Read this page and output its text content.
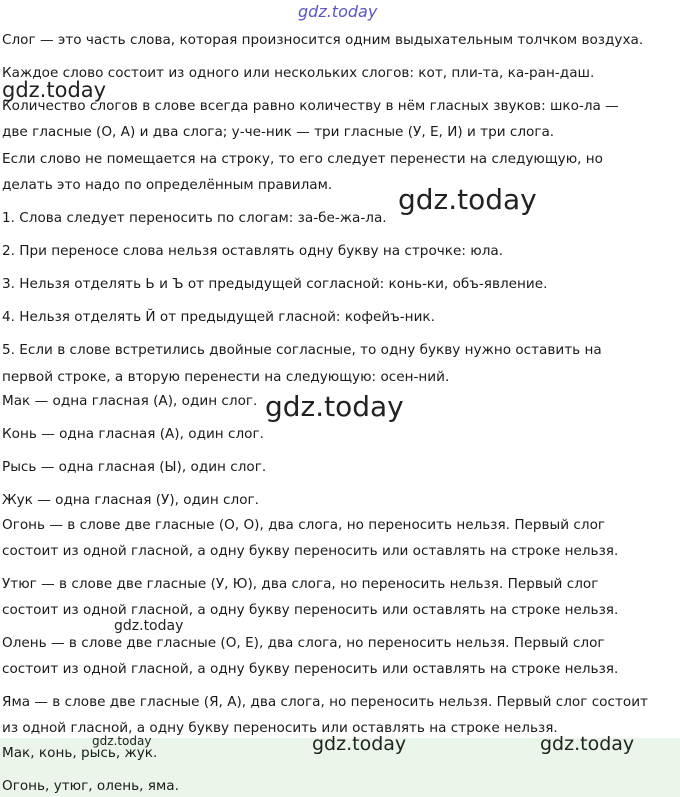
gdz.today
Слог — это часть слова, которая произносится одним выдыхательным толчком воздуха.
Каждое слово состоит из одного или нескольких слогов: кот, пли-та, ка-ран-даш.
Количество слогов в слове всегда равно количеству в нём гласных звуков: шко-ла —
две гласные (О, А) и два слога; у-че-ник — три гласные (У, Е, И) и три слога.
Если слово не помещается на строку, то его следует перенести на следующую, но
делать это надо по определённым правилам.
1. Слова следует переносить по слогам: за-бе-жа-ла.
2. При переносе слова нельзя оставлять одну букву на строчке: юла.
3. Нельзя отделять Ь и Ъ от предыдущей согласной: конь-ки, объ-явление.
4. Нельзя отделять Й от предыдущей гласной: кофейъ-ник.
5. Если в слове встретились двойные согласные, то одну букву нужно оставить на
первой строке, а вторую перенести на следующую: осен-ний.
Мак — одна гласная (А), один слог.
Конь — одна гласная (А), один слог.
Рысь — одна гласная (Ы), один слог.
Жук — одна гласная (У), один слог.
Огонь — в слове две гласные (О, О), два слога, но переносить нельзя. Первый слог
состоит из одной гласной, а одну букву переносить или оставлять на строке нельзя.
Утюг — в слове две гласные (У, Ю), два слога, но переносить нельзя. Первый слог
состоит из одной гласной, а одну букву переносить или оставлять на строке нельзя.
Олень — в слове две гласные (О, Е), два слога, но переносить нельзя. Первый слог
состоит из одной гласной, а одну букву переносить или оставлять на строке нельзя.
Яма — в слове две гласные (Я, А), два слога, но переносить нельзя. Первый слог состоит
из одной гласной, а одну букву переносить или оставлять на строке нельзя.
Мак, конь, рысь, жук.
Огонь, утюг, олень, яма.
gdz.today
gdz.today
gdz.today
gdz.today
gdz.today	gdz.today	gdz.today
